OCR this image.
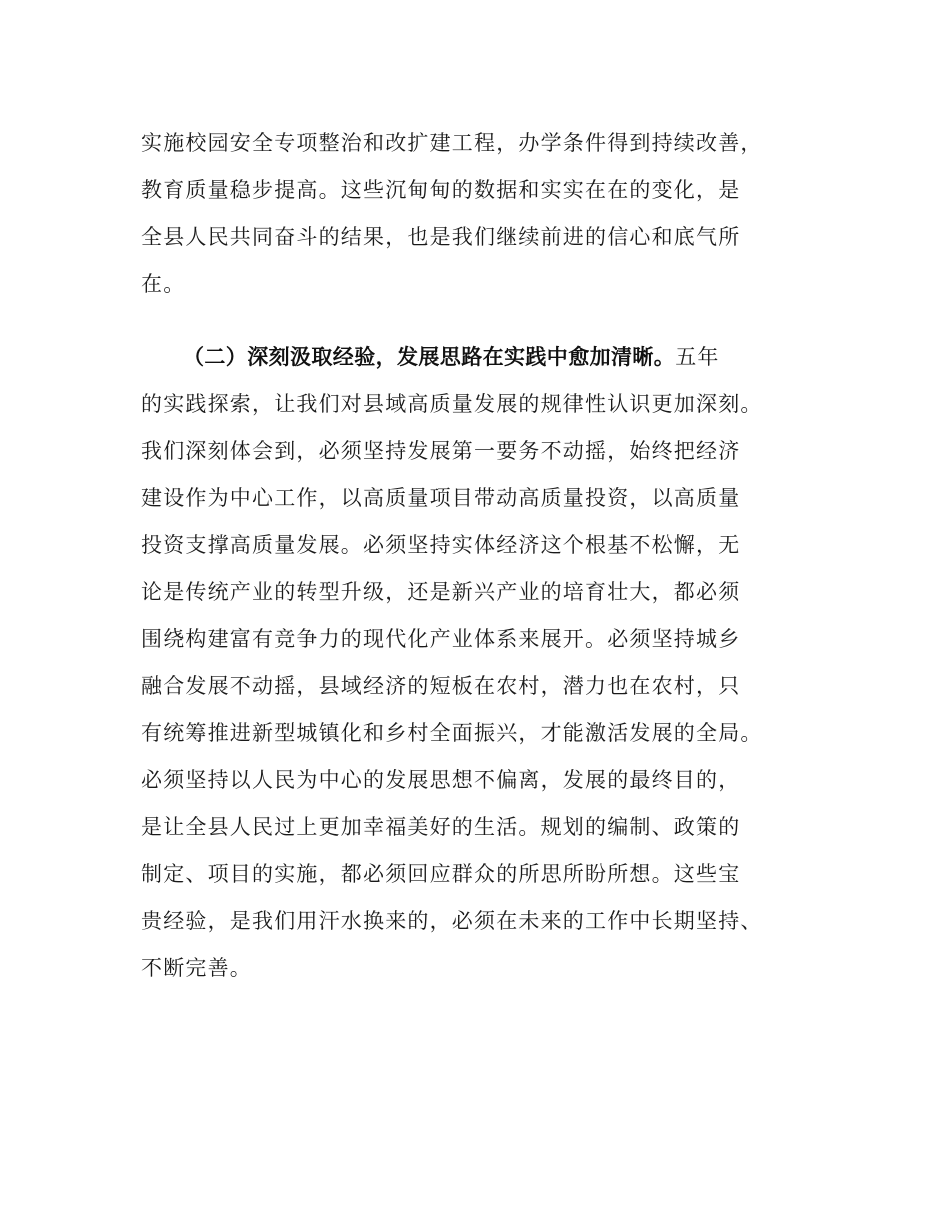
实施校园安全专项整治和改扩建工程，办学条件得到持续改善，
教育质量稳步提高。这些沉甸甸的数据和实实在在的变化，是
全县人民共同奋斗的结果，也是我们继续前进的信心和底气所
在。
（二）深刻汲取经验，发展思路在实践中愈加清晰。五年
的实践探索，让我们对县域高质量发展的规律性认识更加深刻。
我们深刻体会到，必须坚持发展第一要务不动摇，始终把经济
建设作为中心工作，以高质量项目带动高质量投资，以高质量
投资支撑高质量发展。必须坚持实体经济这个根基不松懈，无
论是传统产业的转型升级，还是新兴产业的培育壮大，都必须
围绕构建富有竞争力的现代化产业体系来展开。必须坚持城乡
融合发展不动摇，县域经济的短板在农村，潜力也在农村，只
有统筹推进新型城镇化和乡村全面振兴，才能激活发展的全局。
必须坚持以人民为中心的发展思想不偏离，发展的最终目的，
是让全县人民过上更加幸福美好的生活。规划的编制、政策的
制定、项目的实施，都必须回应群众的所思所盼所想。这些宝
贵经验，是我们用汗水换来的，必须在未来的工作中长期坚持、
不断完善。
